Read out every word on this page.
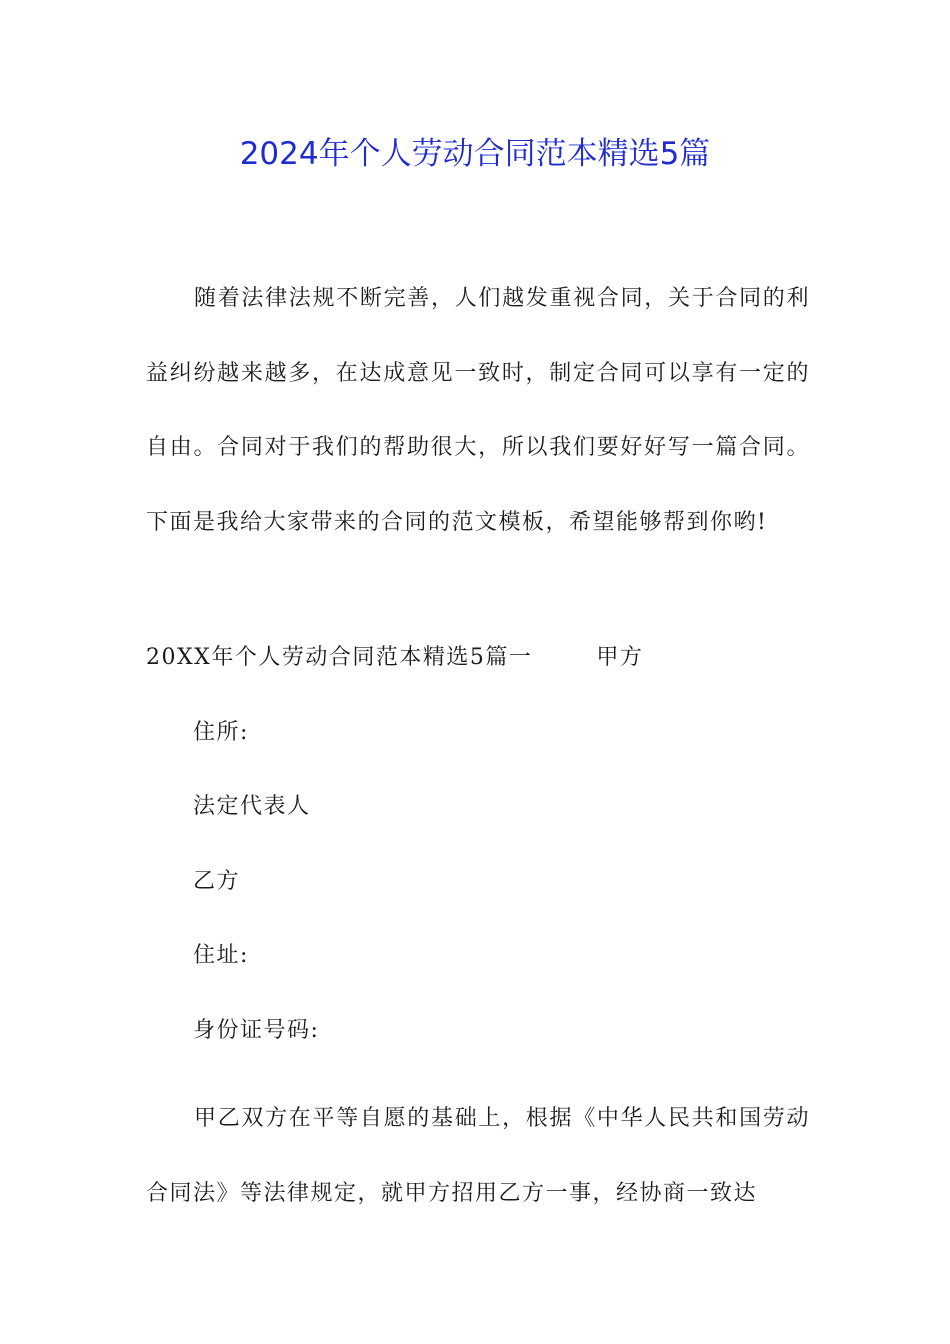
2024年个人劳动合同范本精选5篇
随着法律法规不断完善，人们越发重视合同，关于合同的利益纠纷越来越多，在达成意见一致时，制定合同可以享有一定的自由。合同对于我们的帮助很大，所以我们要好好写一篇合同。下面是我给大家带来的合同的范文模板，希望能够帮到你哟!
20XX年个人劳动合同范本精选5篇一	甲方
住所:
法定代表人
乙方
住址:
身份证号码:
甲乙双方在平等自愿的基础上，根据《中华人民共和国劳动合同法》等法律规定，就甲方招用乙方一事，经协商一致达
